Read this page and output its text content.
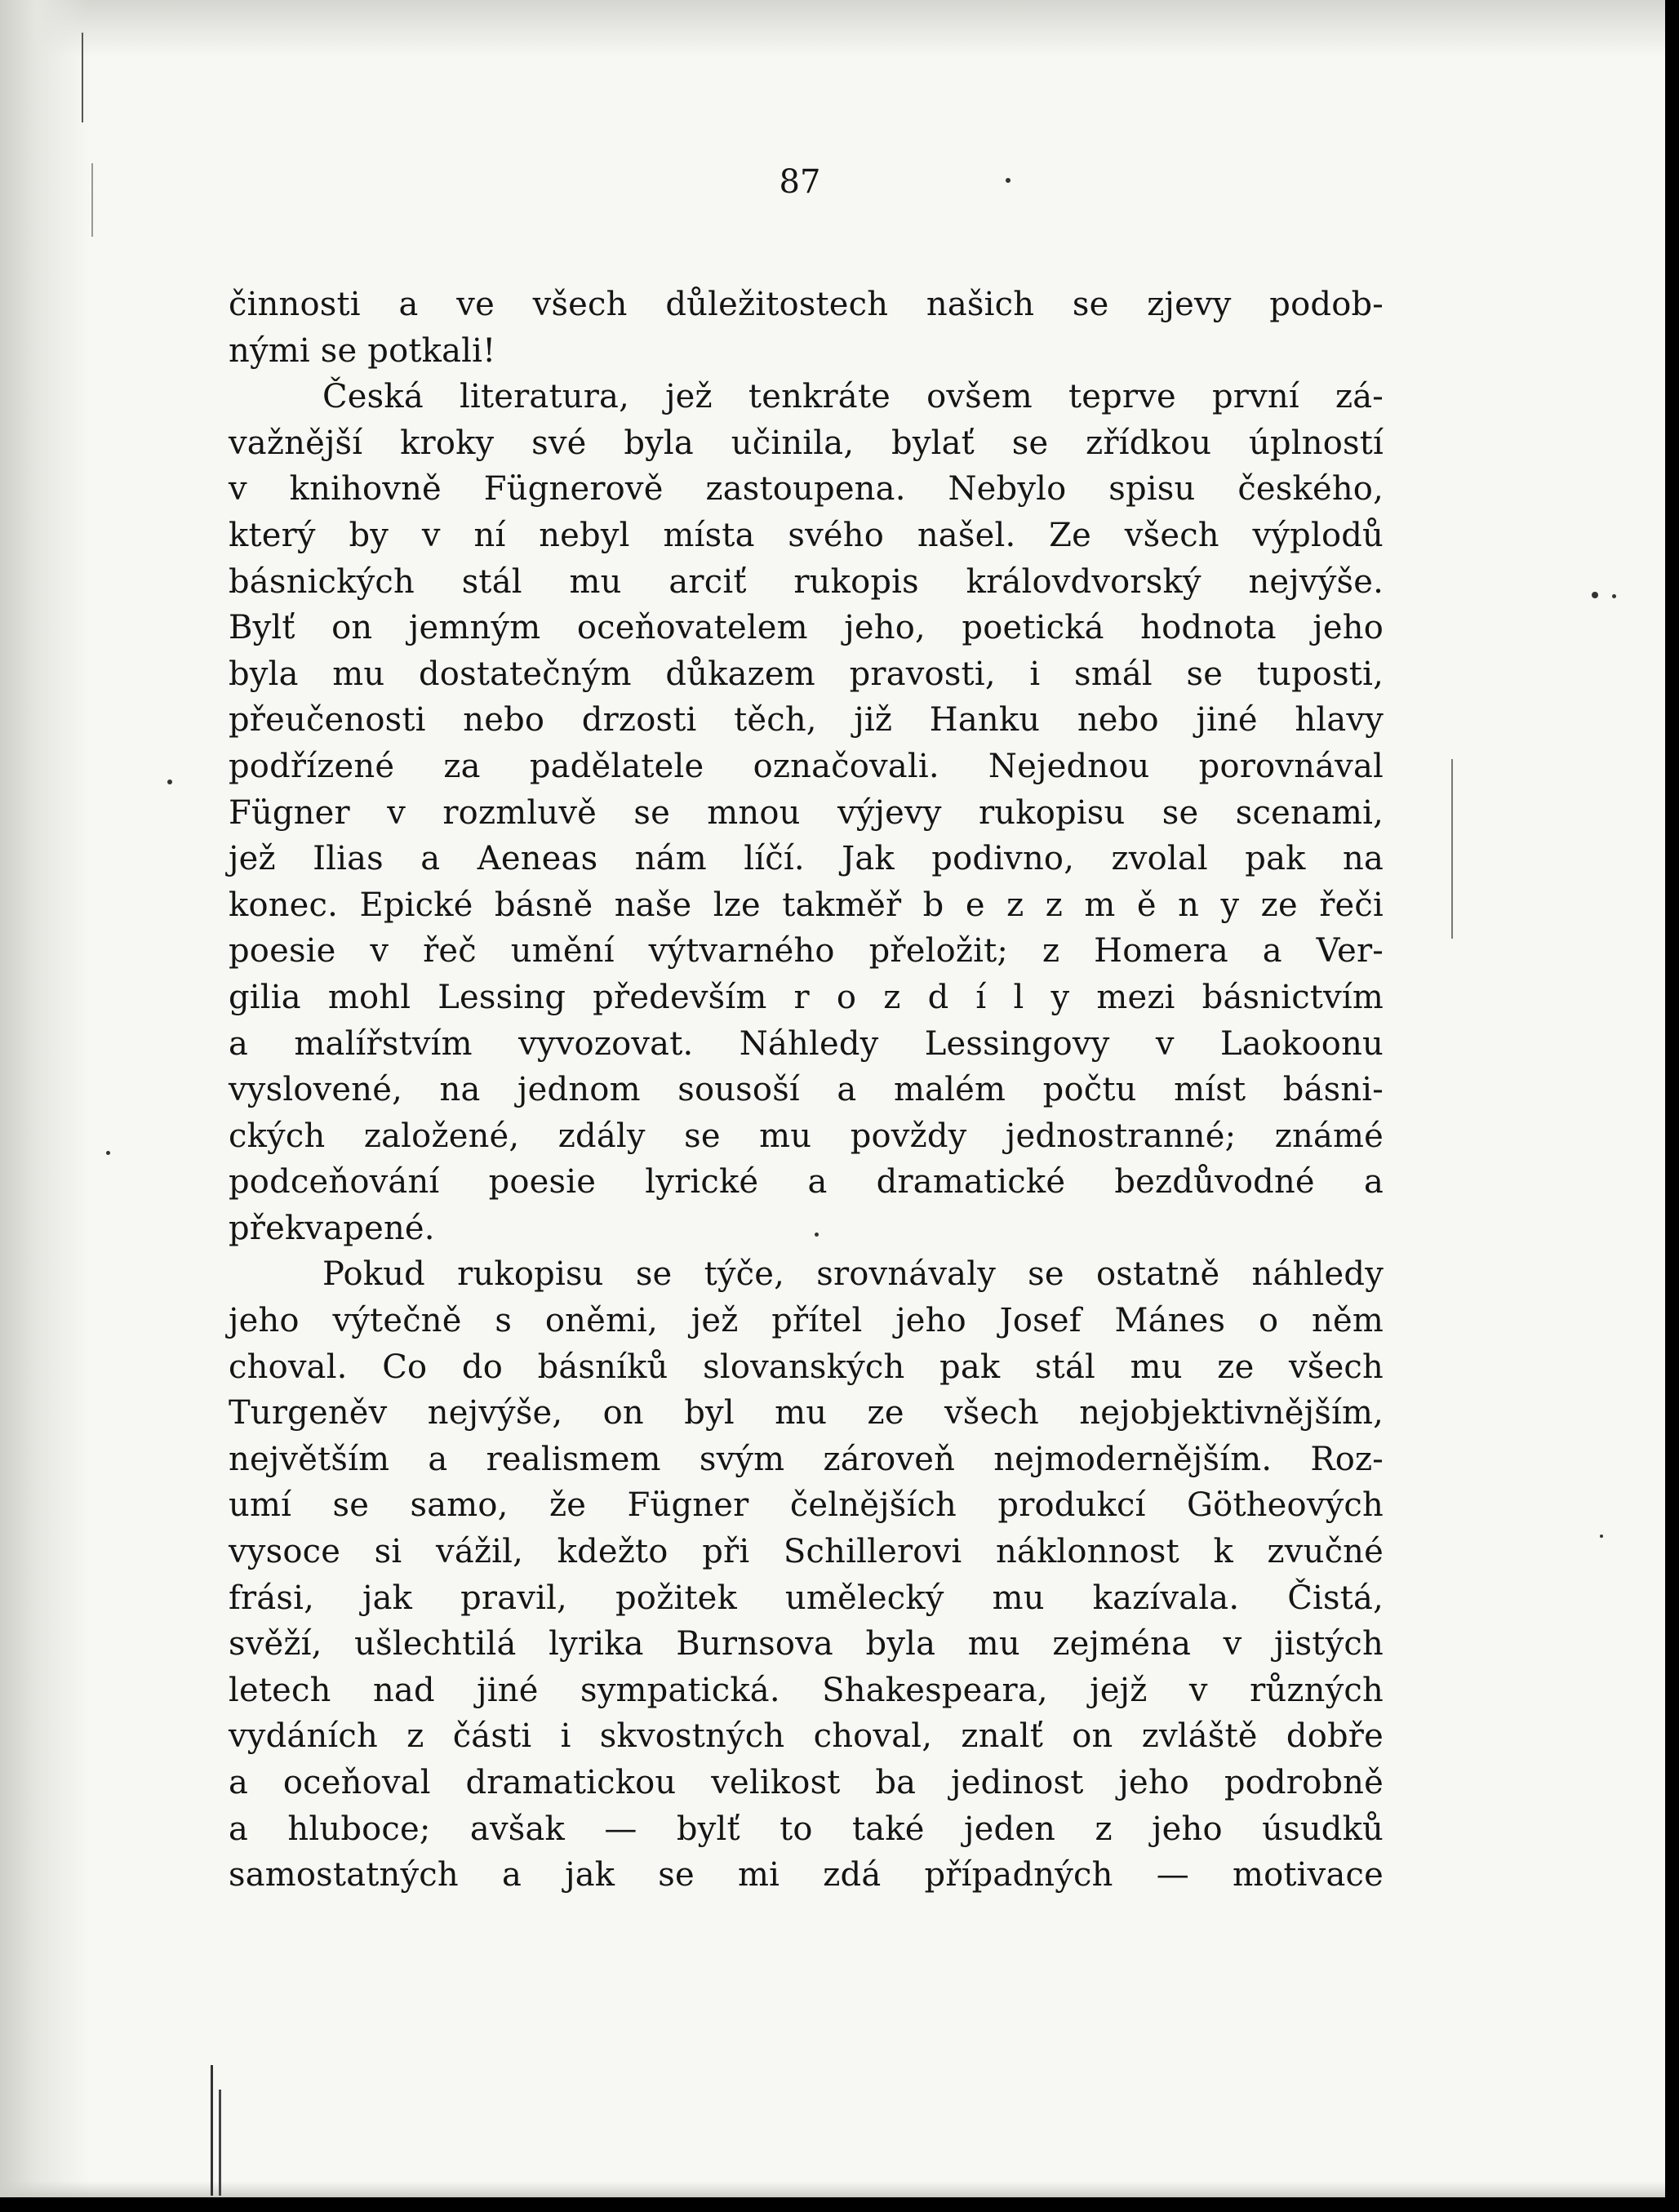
87
činnosti a ve všech důležitostech našich se zjevy podob-
nými se potkali!
Česká literatura, jež tenkráte ovšem teprve první zá-
važnější kroky své byla učinila, bylať se zřídkou úplností
v knihovně Fügnerově zastoupena. Nebylo spisu českého,
který by v ní nebyl místa svého našel. Ze všech výplodů
básnických stál mu arciť rukopis královdvorský nejvýše.
Bylť on jemným oceňovatelem jeho, poetická hodnota jeho
byla mu dostatečným důkazem pravosti, i smál se tuposti,
přeučenosti nebo drzosti těch, již Hanku nebo jiné hlavy
podřízené za padělatele označovali. Nejednou porovnával
Fügner v rozmluvě se mnou výjevy rukopisu se scenami,
jež Ilias a Aeneas nám líčí. Jak podivno, zvolal pak na
konec. Epické básně naše lze takměř b e z z m ě n y ze řeči
poesie v řeč umění výtvarného přeložit; z Homera a Ver-
gilia mohl Lessing především r o z d í l y mezi básnictvím
a malířstvím vyvozovat. Náhledy Lessingovy v Laokoonu
vyslovené, na jednom sousoší a malém počtu míst básni-
ckých založené, zdály se mu povždy jednostranné; známé
podceňování poesie lyrické a dramatické bezdůvodné a
překvapené.
Pokud rukopisu se týče, srovnávaly se ostatně náhledy
jeho výtečně s oněmi, jež přítel jeho Josef Mánes o něm
choval. Co do básníků slovanských pak stál mu ze všech
Turgeněv nejvýše, on byl mu ze všech nejobjektivnějším,
největším a realismem svým zároveň nejmodernějším. Roz-
umí se samo, že Fügner čelnějších produkcí Götheových
vysoce si vážil, kdežto při Schillerovi náklonnost k zvučné
frási, jak pravil, požitek umělecký mu kazívala. Čistá,
svěží, ušlechtilá lyrika Burnsova byla mu zejména v jistých
letech nad jiné sympatická. Shakespeara, jejž v různých
vydáních z části i skvostných choval, znalť on zvláště dobře
a oceňoval dramatickou velikost ba jedinost jeho podrobně
a hluboce; avšak — bylť to také jeden z jeho úsudků
samostatných a jak se mi zdá případných — motivace
